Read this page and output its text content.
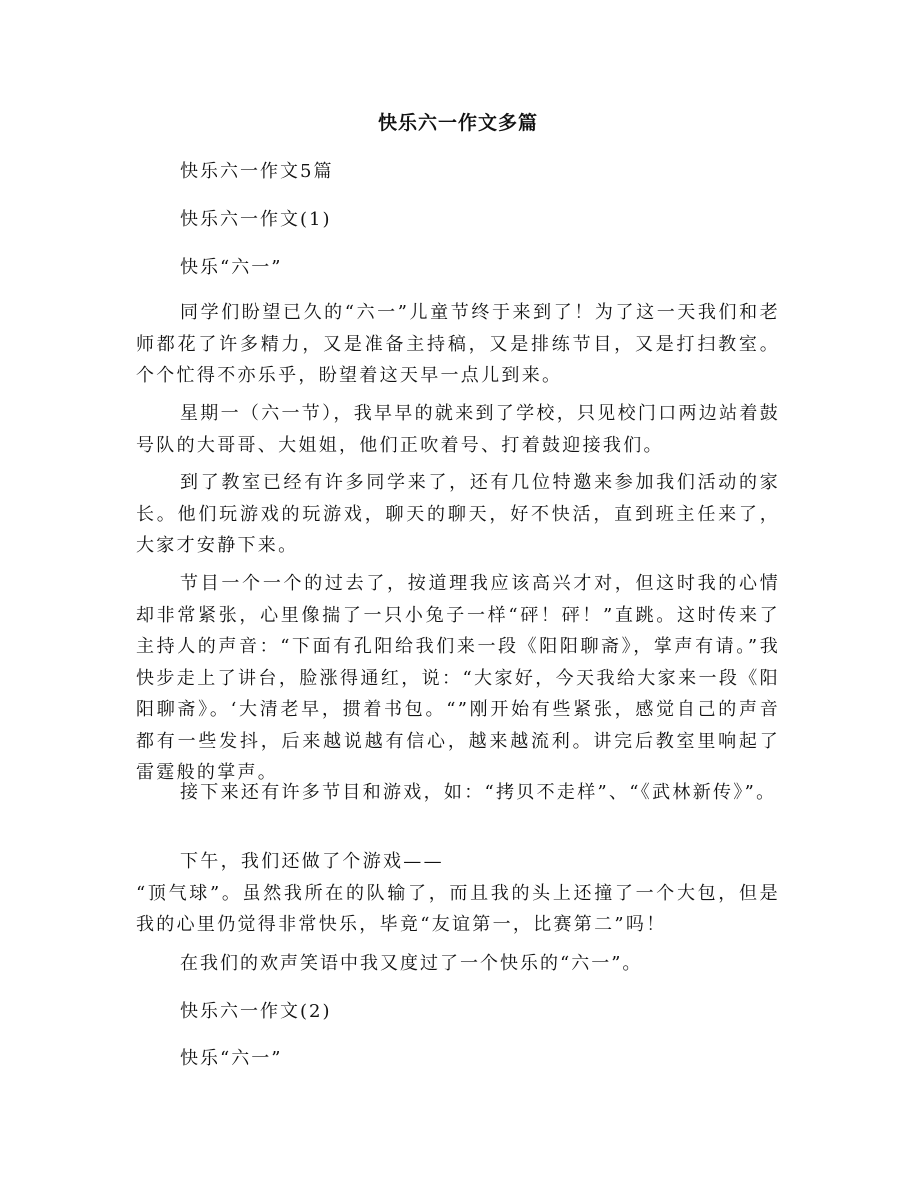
快乐六一作文多篇
快乐六一作文5篇
快乐六一作文(1)
快乐“六一”
同学们盼望已久的“六一”儿童节终于来到了！为了这一天我们和老师都花了许多精力，又是准备主持稿，又是排练节目，又是打扫教室。个个忙得不亦乐乎，盼望着这天早一点儿到来。
星期一（六一节），我早早的就来到了学校，只见校门口两边站着鼓号队的大哥哥、大姐姐，他们正吹着号、打着鼓迎接我们。
到了教室已经有许多同学来了，还有几位特邀来参加我们活动的家长。他们玩游戏的玩游戏，聊天的聊天，好不快活，直到班主任来了，大家才安静下来。
节目一个一个的过去了，按道理我应该高兴才对，但这时我的心情却非常紧张，心里像揣了一只小兔子一样“砰！砰！”直跳。这时传来了主持人的声音：“下面有孔阳给我们来一段《阳阳聊斋》，掌声有请。”我快步走上了讲台，脸涨得通红，说：“大家好，今天我给大家来一段《阳阳聊斋》。‘大清老早，掼着书包。“”刚开始有些紧张，感觉自己的声音都有一些发抖，后来越说越有信心，越来越流利。讲完后教室里响起了雷霆般的掌声。
接下来还有许多节目和游戏，如：“拷贝不走样”、“《武林新传》”。
下午，我们还做了个游戏——
“顶气球”。虽然我所在的队输了，而且我的头上还撞了一个大包，但是我的心里仍觉得非常快乐，毕竟“友谊第一，比赛第二”吗！
在我们的欢声笑语中我又度过了一个快乐的“六一”。
快乐六一作文(2)
快乐“六一”
